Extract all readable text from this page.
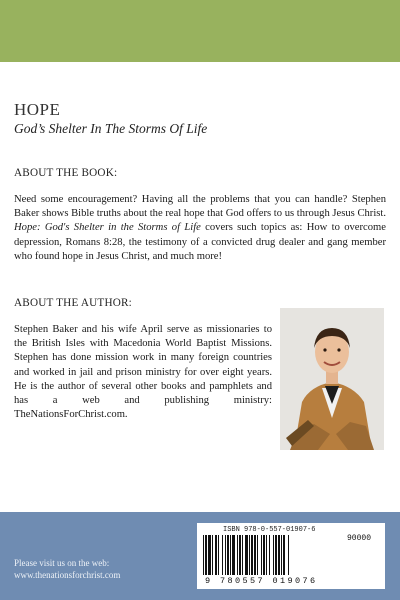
HOPE
God’s Shelter In The Storms Of Life
ABOUT THE BOOK:

Need some encouragement? Having all the problems that you can handle? Stephen Baker shows Bible truths about the real hope that God offers to us through Jesus Christ. Hope: God's Shelter in the Storms of Life covers such topics as: How to overcome depression, Romans 8:28, the testimony of a convicted drug dealer and gang member who found hope in Jesus Christ, and much more!

ABOUT THE AUTHOR:

Stephen Baker and his wife April serve as missionaries to the British Isles with Macedonia World Baptist Missions. Stephen has done mission work in many foreign countries and worked in jail and prison ministry for over eight years. He is the author of several other books and pamphlets and has a web and publishing ministry: TheNationsForChrist.com.

Please visit us on the web:
www.thenationsforchrist.com
ISBN 978-0-557-01907-6
90000
9 780557 019076
